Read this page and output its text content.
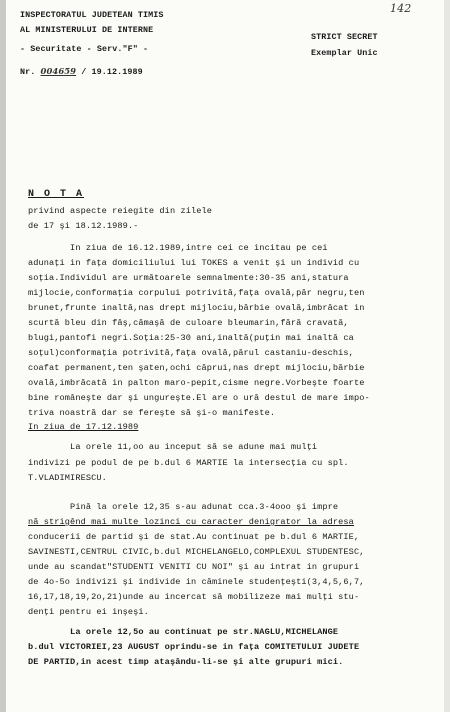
INSPECTORATUL JUDETEAN TIMIS
AL MINISTERULUI DE INTERNE
- Securitate - Serv."F" -
Nr. 004659 / 19.12.1989
142
STRICT SECRET
Exemplar Unic
N O T A
privind aspecte reiegite din zilele
de 17 şi 18.12.1989.-
In ziua de 16.12.1989,intre cei ce incitau pe cei
adunaţi in faţa domiciliului lui TOKES a venit şi un individ cu
soţia.Individul are următoarele semnalmente:30-35 ani,statura
mijlocie,conformaţia corpului potrivită,faţa ovală,păr negru,ten
brunet,frunte inaltă,nas drept mijlociu,bărbie ovală,imbrăcat in
scurtă bleu din fâş,cămaşă de culoare bleumarin,fără cravată,
blugi,pantofi negri.Soţia:25-30 ani,inaltă(puţin mai inaltă ca
soţul)conformaţia potrivită,faţa ovală,părul castaniu-deschis,
coafat permanent,ten şaten,ochi căprui,nas drept mijlociu,bărbie
ovală,imbrăcată in palton maro-pepit,cisme negre.Vorbeşte foarte
bine româneşte dar şi ungureşte.El are o ură destul de mare impo-
triva noastră dar se fereşte să şi-o manifeste.
In ziua de 17.12.1989
La orele 11,oo au inceput să se adune mai mulţi
indivizi pe podul de pe b.dul 6 MARTIE la intersecţia cu spl.
T.VLADIMIRESCU.
Pină la orele 12,35 s-au adunat cca.3-4ooo şi impre
nă strigênd mai multe lozinci cu caracter denigrator la adresa
conducerii de partid şi de stat.Au continuat pe b.dul 6 MARTIE,
SAVINESTI,CENTRUL CIVIC,b.dul MICHELANGELO,COMPLEXUL STUDENTESC,
unde au scandat"STUDENTI VENITI CU NOI" şi au intrat in grupuri
de 4o-5o indivizi şi individe in căminele studenţeşti(3,4,5,6,7,
16,17,18,19,2o,21)unde au incercat să mobilizeze mai mulţi stu-
denţi pentru ei inşeşi.
La orele 12,5o au continuat pe str.NAGLU,MICHELANGE
b.dul VICTORIEI,23 AUGUST oprindu-se in faţa COMITETULUI JUDETE
DE PARTID,in acest timp ataşându-li-se şi alte grupuri mici.
